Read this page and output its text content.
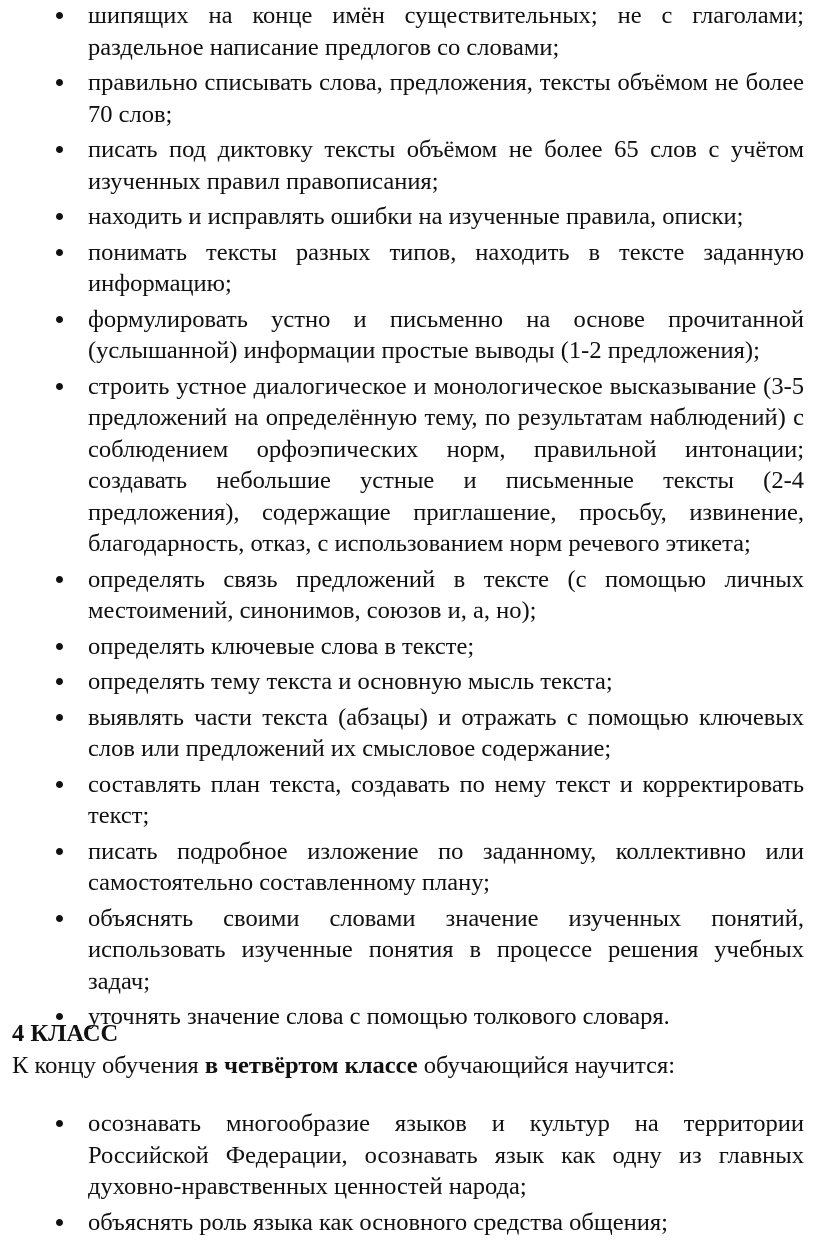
шипящих на конце имён существительных; не с глаголами; раздельное написание предлогов со словами;
правильно списывать слова, предложения, тексты объёмом не более 70 слов;
писать под диктовку тексты объёмом не более 65 слов с учётом изученных правил правописания;
находить и исправлять ошибки на изученные правила, описки;
понимать тексты разных типов, находить в тексте заданную информацию;
формулировать устно и письменно на основе прочитанной (услышанной) информации простые выводы (1-2 предложения);
строить устное диалогическое и монологическое высказывание (3-5 предложений на определённую тему, по результатам наблюдений) с соблюдением орфоэпических норм, правильной интонации; создавать небольшие устные и письменные тексты (2-4 предложения), содержащие приглашение, просьбу, извинение, благодарность, отказ, с использованием норм речевого этикета;
определять связь предложений в тексте (с помощью личных местоимений, синонимов, союзов и, а, но);
определять ключевые слова в тексте;
определять тему текста и основную мысль текста;
выявлять части текста (абзацы) и отражать с помощью ключевых слов или предложений их смысловое содержание;
составлять план текста, создавать по нему текст и корректировать текст;
писать подробное изложение по заданному, коллективно или самостоятельно составленному плану;
объяснять своими словами значение изученных понятий, использовать изученные понятия в процессе решения учебных задач;
уточнять значение слова с помощью толкового словаря.

4 КЛАСС

К концу обучения в четвёртом классе обучающийся научится:

осознавать многообразие языков и культур на территории Российской Федерации, осознавать язык как одну из главных духовно-нравственных ценностей народа;
объяснять роль языка как основного средства общения;
